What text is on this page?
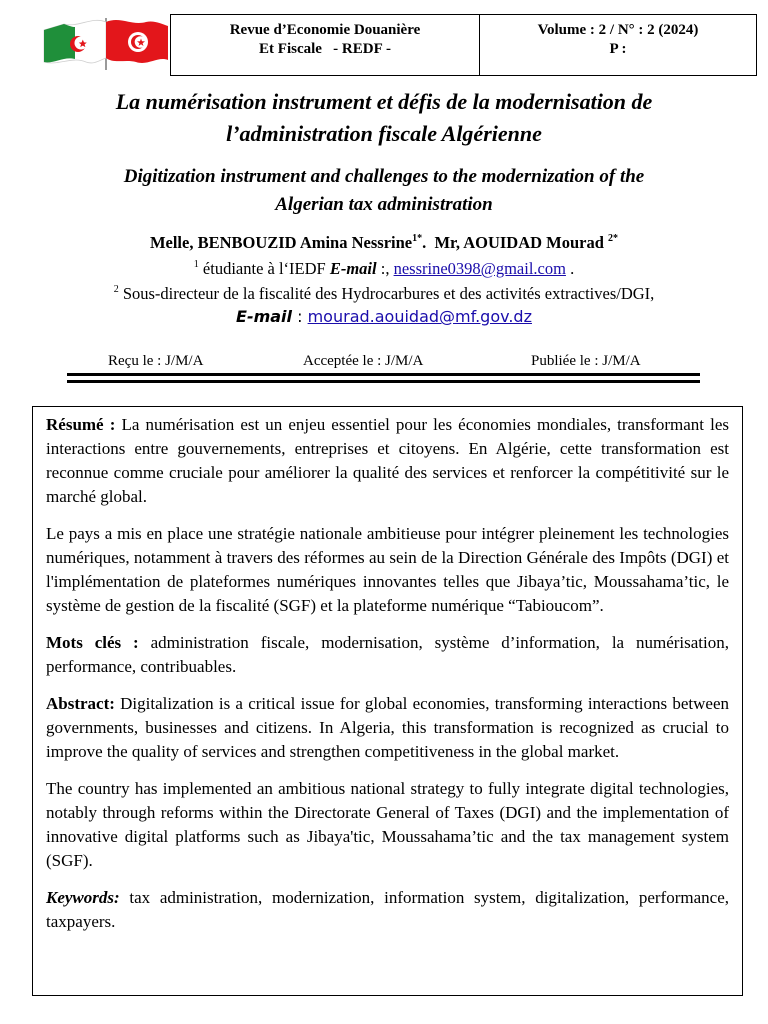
Revue d’Economie Douanière
Et Fiscale   - REDF -
Volume : 2 / N° : 2 (2024)
P :
La numérisation instrument et défis de la modernisation de
l’administration fiscale Algérienne
Digitization instrument and challenges to the modernization of the
Algerian tax administration
Melle, BENBOUZID Amina Nessrine$^{1*}$.  Mr, AOUIDAD Mourad $^{2*}$
$^1$ étudiante à l‘IEDF E-mail :, nessrine0398@gmail.com .
$^2$ Sous-directeur de la fiscalité des Hydrocarbures et des activités extractives/DGI,
E-mail : mourad.aouidad@mf.gov.dz
Reçu le : J/M/A	Acceptée le : J/M/A	Publiée le : J/M/A

Résumé : La numérisation est un enjeu essentiel pour les économies mondiales, transformant les interactions entre gouvernements, entreprises et citoyens. En Algérie, cette transformation est reconnue comme cruciale pour améliorer la qualité des services et renforcer la compétitivité sur le marché global.

Le pays a mis en place une stratégie nationale ambitieuse pour intégrer pleinement les technologies numériques, notamment à travers des réformes au sein de la Direction Générale des Impôts (DGI) et l'implémentation de plateformes numériques innovantes telles que Jibaya’tic, Moussahama’tic, le système de gestion de la fiscalité (SGF) et la plateforme numérique “Tabioucom”.

Mots clés : administration fiscale, modernisation, système d’information, la numérisation, performance, contribuables.

Abstract: Digitalization is a critical issue for global economies, transforming interactions between governments, businesses and citizens. In Algeria, this transformation is recognized as crucial to improve the quality of services and strengthen competitiveness in the global market.

The country has implemented an ambitious national strategy to fully integrate digital technologies, notably through reforms within the Directorate General of Taxes (DGI) and the implementation of innovative digital platforms such as Jibaya'tic, Moussahama’tic and the tax management system (SGF).

Keywords: tax administration, modernization, information system, digitalization, performance, taxpayers.
